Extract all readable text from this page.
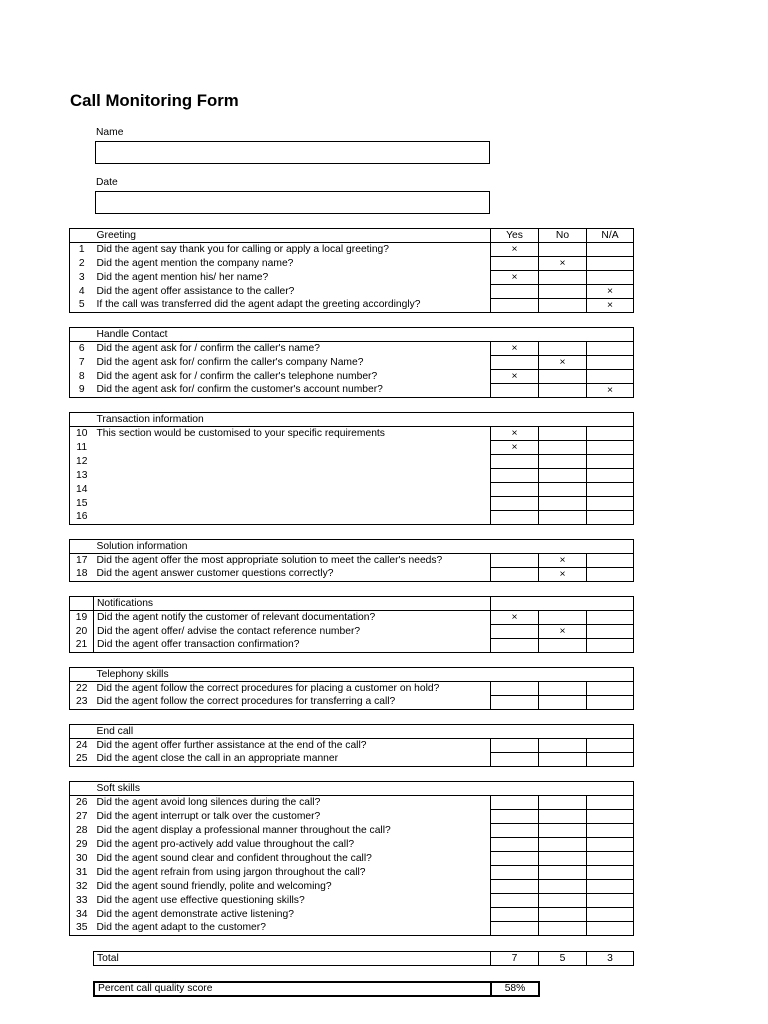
Call Monitoring Form
Name
Date
	Greeting	Yes	No	N/A
1	Did the agent say thank you for calling or apply a local greeting?	×		
2	Did the agent mention the company name?		×	
3	Did the agent mention his/ her name?	×		
4	Did the agent offer assistance to the caller?			×
5	If the call was transferred did the agent adapt the greeting accordingly?			×
	Handle Contact			
6	Did the agent ask for / confirm the caller's name?	×		
7	Did the agent ask for/ confirm the caller's company Name?		×	
8	Did the agent ask for / confirm the caller's telephone number?	×		
9	Did the agent ask for/ confirm the customer's account number?			×
	Transaction information			
10	This section would be customised to your specific requirements	×		
11		×		
12				
13				
14				
15				
16				
	Solution information			
17	Did the agent offer the most appropriate solution to meet the caller's needs?		×	
18	Did the agent answer customer questions correctly?		×	
	Notifications			
19	Did the agent notify the customer of relevant documentation?	×		
20	Did the agent offer/ advise the contact reference number?		×	
21	Did the agent offer transaction confirmation?			
	Telephony skills			
22	Did the agent follow the correct procedures for placing a customer on hold?			
23	Did the agent follow the correct procedures for transferring a call?			
	End call			
24	Did the agent offer further assistance at the end of the call?			
25	Did the agent close the call in an appropriate manner			
	Soft skills			
26	Did the agent avoid long silences during the call?			
27	Did the agent interrupt or talk over the customer?			
28	Did the agent display a professional manner throughout the call?			
29	Did the agent pro-actively add value throughout the call?			
30	Did the agent sound clear and confident throughout the call?			
31	Did the agent refrain from using jargon throughout the call?			
32	Did the agent sound friendly, polite and welcoming?			
33	Did the agent use effective questioning skills?			
34	Did the agent demonstrate active listening?			
35	Did the agent adapt to the customer?			
Total	7	5	3
Percent call quality score	58%
